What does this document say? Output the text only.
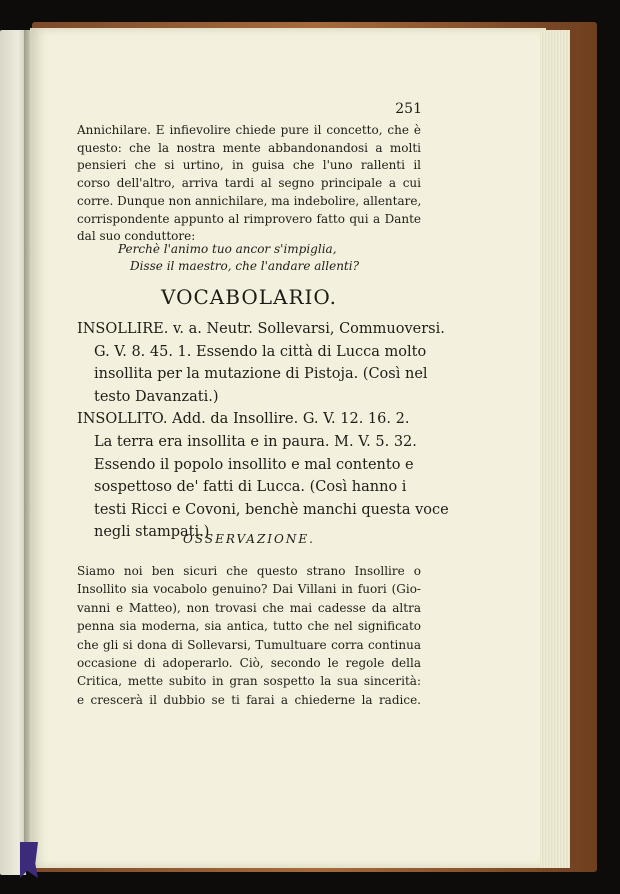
251
Annichilare. E infievolire chiede pure il concetto, che è
questo: che la nostra mente abbandonandosi a molti
pensieri che si urtino, in guisa che l'uno rallenti il
corso dell'altro, arriva tardi al segno principale a cui
corre. Dunque non annichilare, ma indebolire, allentare,
corrispondente appunto al rimprovero fatto qui a Dante
dal suo conduttore:
Perchè l'animo tuo ancor s'impiglia,
Disse il maestro, che l'andare allenti?
VOCABOLARIO.
INSOLLIRE. v. a. Neutr. Sollevarsi, Commuoversi.
G. V. 8. 45. 1. Essendo la città di Lucca molto
insollita per la mutazione di Pistoja. (Così nel
testo Davanzati.)
INSOLLITO. Add. da Insollire. G. V. 12. 16. 2.
La terra era insollita e in paura. M. V. 5. 32.
Essendo il popolo insollito e mal contento e
sospettoso de' fatti di Lucca. (Così hanno i
testi Ricci e Covoni, benchè manchi questa voce
negli stampati.)
OSSERVAZIONE.
Siamo noi ben sicuri che questo strano Insollire o
Insollito sia vocabolo genuino? Dai Villani in fuori (Gio-
vanni e Matteo), non trovasi che mai cadesse da altra
penna sia moderna, sia antica, tutto che nel significato
che gli si dona di Sollevarsi, Tumultuare corra continua
occasione di adoperarlo. Ciò, secondo le regole della
Critica, mette subito in gran sospetto la sua sincerità:
e crescerà il dubbio se ti farai a chiederne la radice.
